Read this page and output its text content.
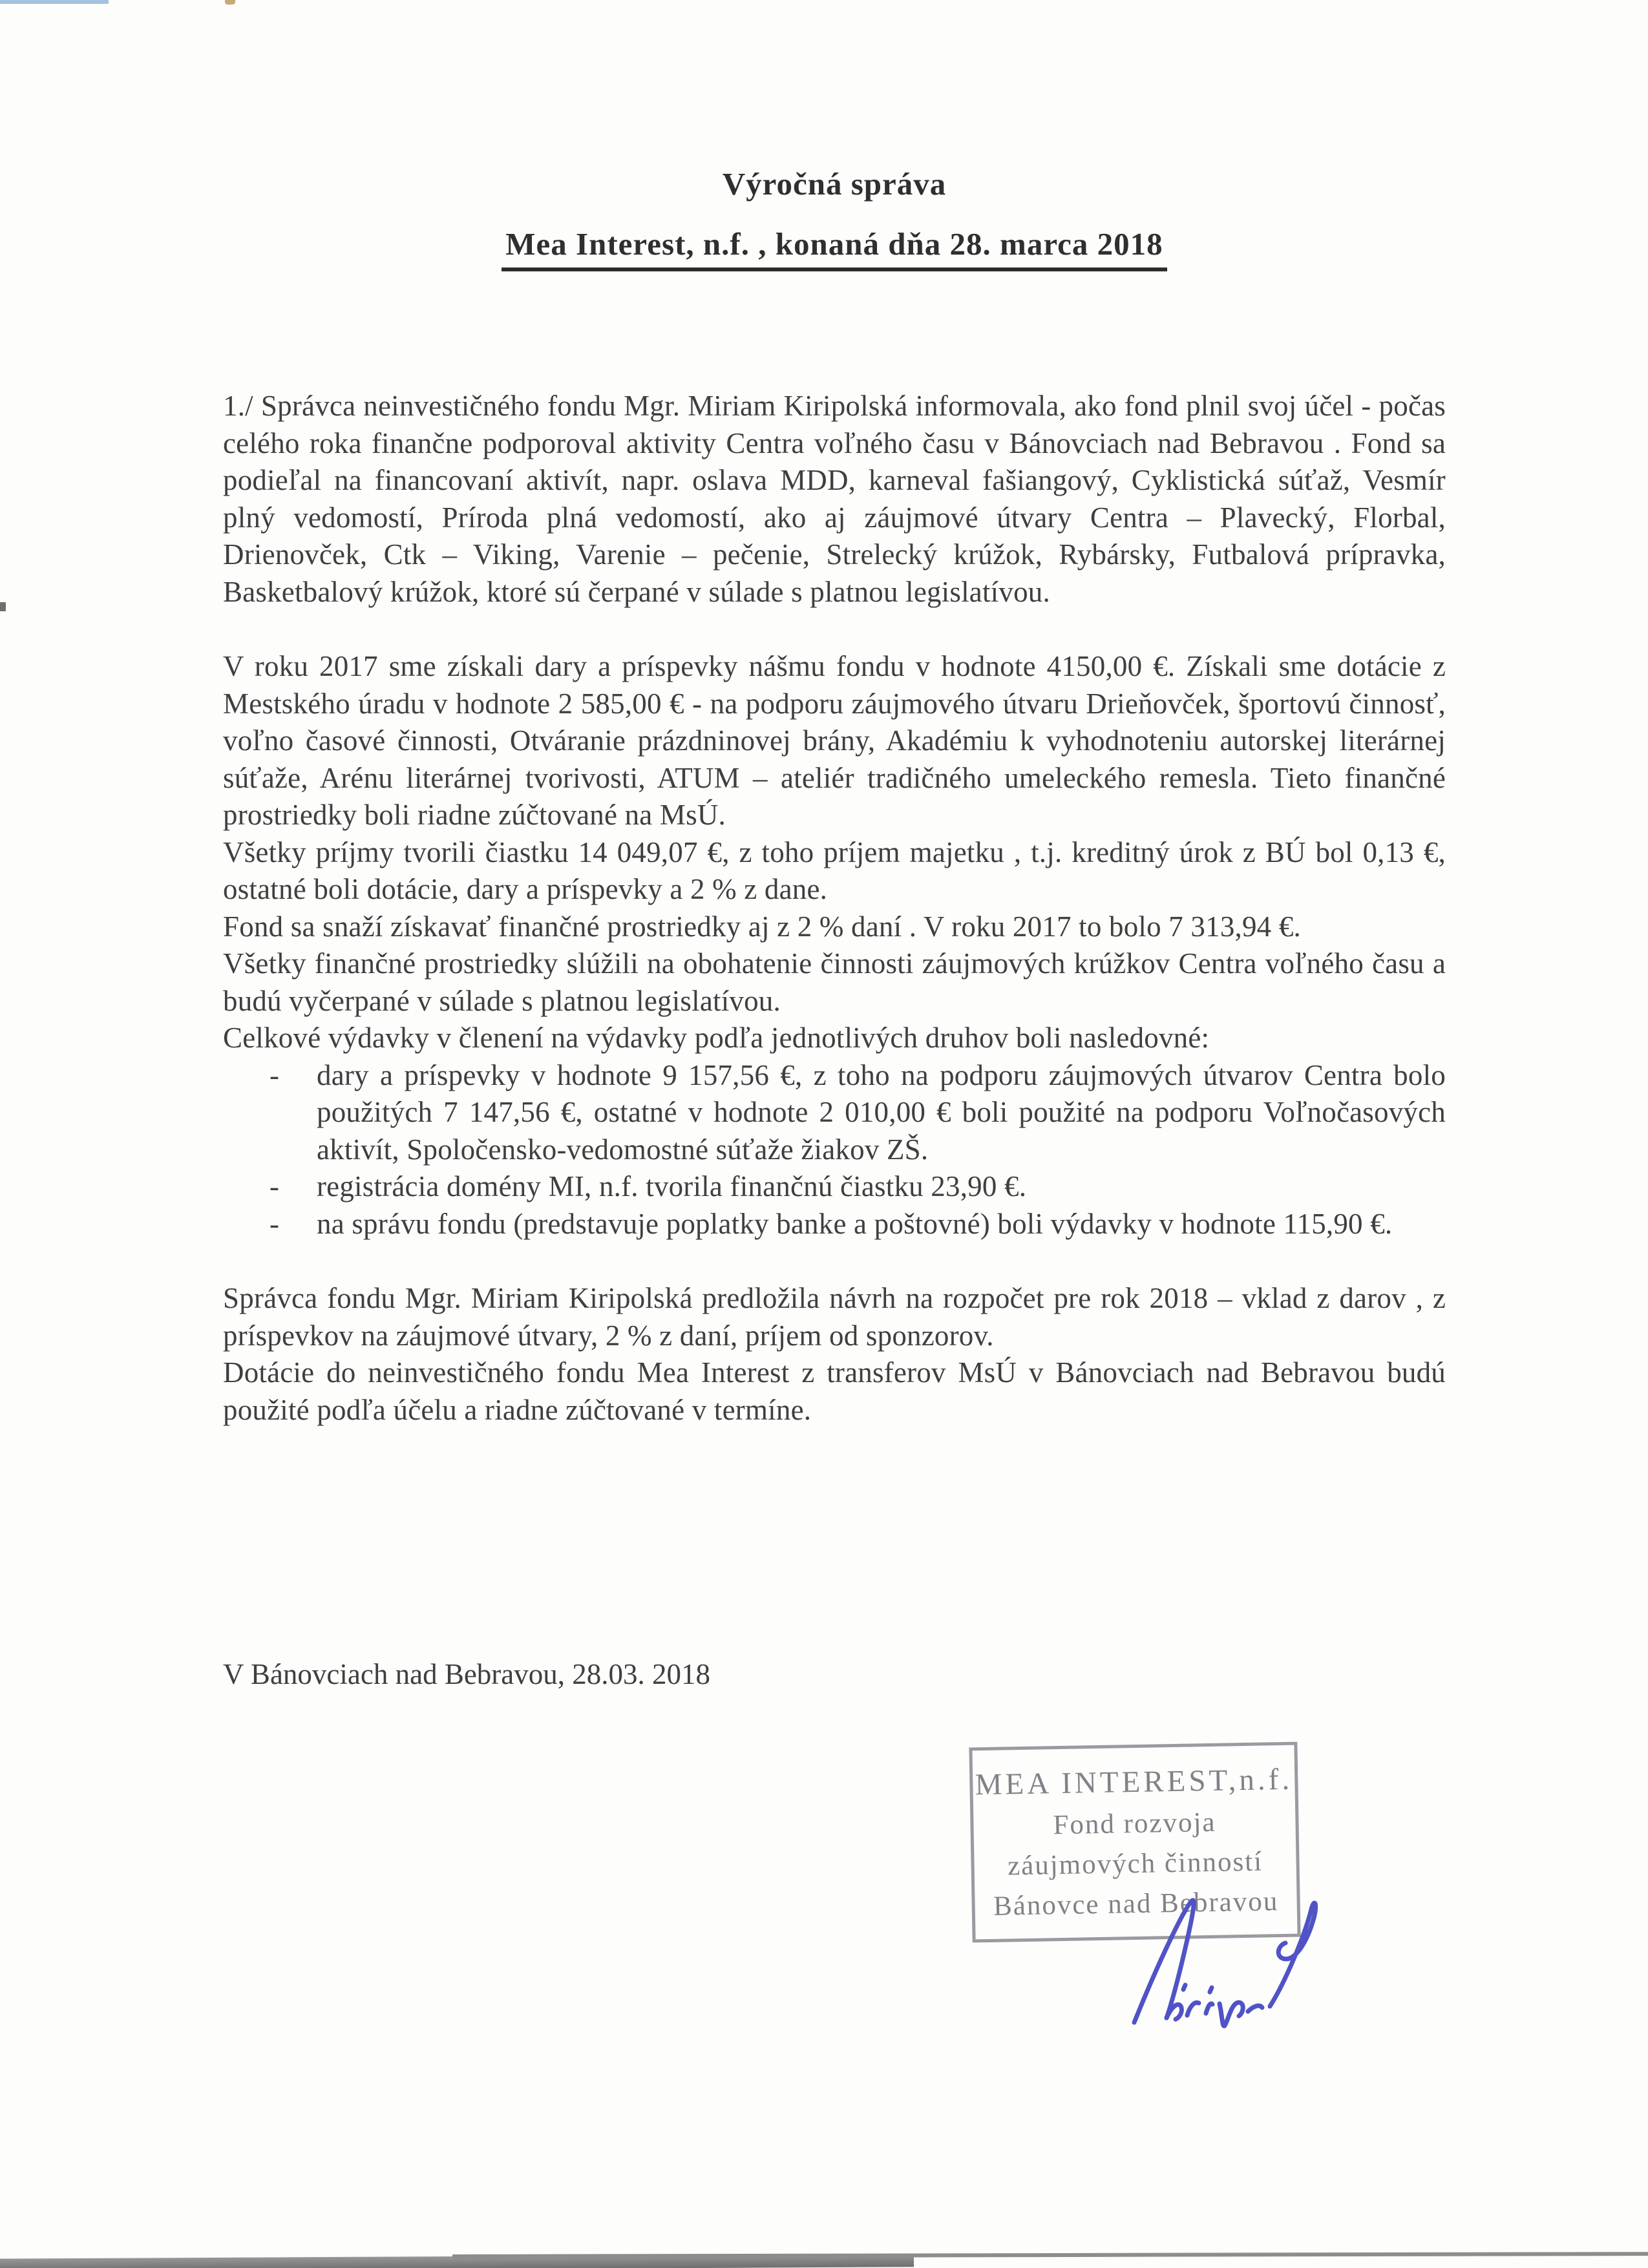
Výročná správa
Mea Interest, n.f. , konaná dňa 28. marca 2018

1./ Správca neinvestičného fondu Mgr. Miriam Kiripolská informovala, ako fond plnil svoj účel - počas celého roka finančne podporoval aktivity Centra voľného času v Bánovciach nad Bebravou . Fond sa podieľal na financovaní aktivít, napr. oslava MDD, karneval fašiangový, Cyklistická súťaž, Vesmír plný vedomostí, Príroda plná vedomostí, ako aj záujmové útvary Centra – Plavecký, Florbal, Drienovček, Ctk – Viking, Varenie – pečenie, Strelecký krúžok, Rybársky, Futbalová prípravka, Basketbalový krúžok, ktoré sú čerpané v súlade s platnou legislatívou.

V roku 2017 sme získali dary a príspevky nášmu fondu v hodnote 4150,00 €. Získali sme dotácie z Mestského úradu v hodnote 2 585,00 € - na podporu záujmového útvaru Drieňovček, športovú činnosť, voľno časové činnosti, Otváranie prázdninovej brány, Akadémiu k vyhodnoteniu autorskej literárnej súťaže, Arénu literárnej tvorivosti, ATUM – ateliér tradičného umeleckého remesla. Tieto finančné prostriedky boli riadne zúčtované na MsÚ.

Všetky príjmy tvorili čiastku 14 049,07 €, z toho príjem majetku , t.j. kreditný úrok z BÚ bol 0,13 €, ostatné boli dotácie, dary a príspevky a 2 % z dane.

Fond sa snaží získavať finančné prostriedky aj z 2 % daní . V roku 2017 to bolo 7 313,94 €.

Všetky finančné prostriedky slúžili na obohatenie činnosti záujmových krúžkov Centra voľného času a budú vyčerpané v súlade s platnou legislatívou.

Celkové výdavky v členení na výdavky podľa jednotlivých druhov boli nasledovné:

- dary a príspevky v hodnote 9 157,56 €, z toho na podporu záujmových útvarov Centra bolo použitých 7 147,56 €, ostatné v hodnote 2 010,00 € boli použité na podporu Voľnočasových aktivít, Spoločensko-vedomostné súťaže žiakov ZŠ.
- registrácia domény MI, n.f. tvorila finančnú čiastku 23,90 €.
- na správu fondu (predstavuje poplatky banke a poštovné) boli výdavky v hodnote 115,90 €.

Správca fondu Mgr. Miriam Kiripolská predložila návrh na rozpočet pre rok 2018 – vklad z darov , z príspevkov na záujmové útvary, 2 % z daní, príjem od sponzorov.

Dotácie do neinvestičného fondu Mea Interest z transferov MsÚ v Bánovciach nad Bebravou budú použité podľa účelu a riadne zúčtované v termíne.

V Bánovciach nad Bebravou, 28.03. 2018
MEA INTEREST,n.f.
Fond rozvoja
záujmových činností
Bánovce nad Bebravou
